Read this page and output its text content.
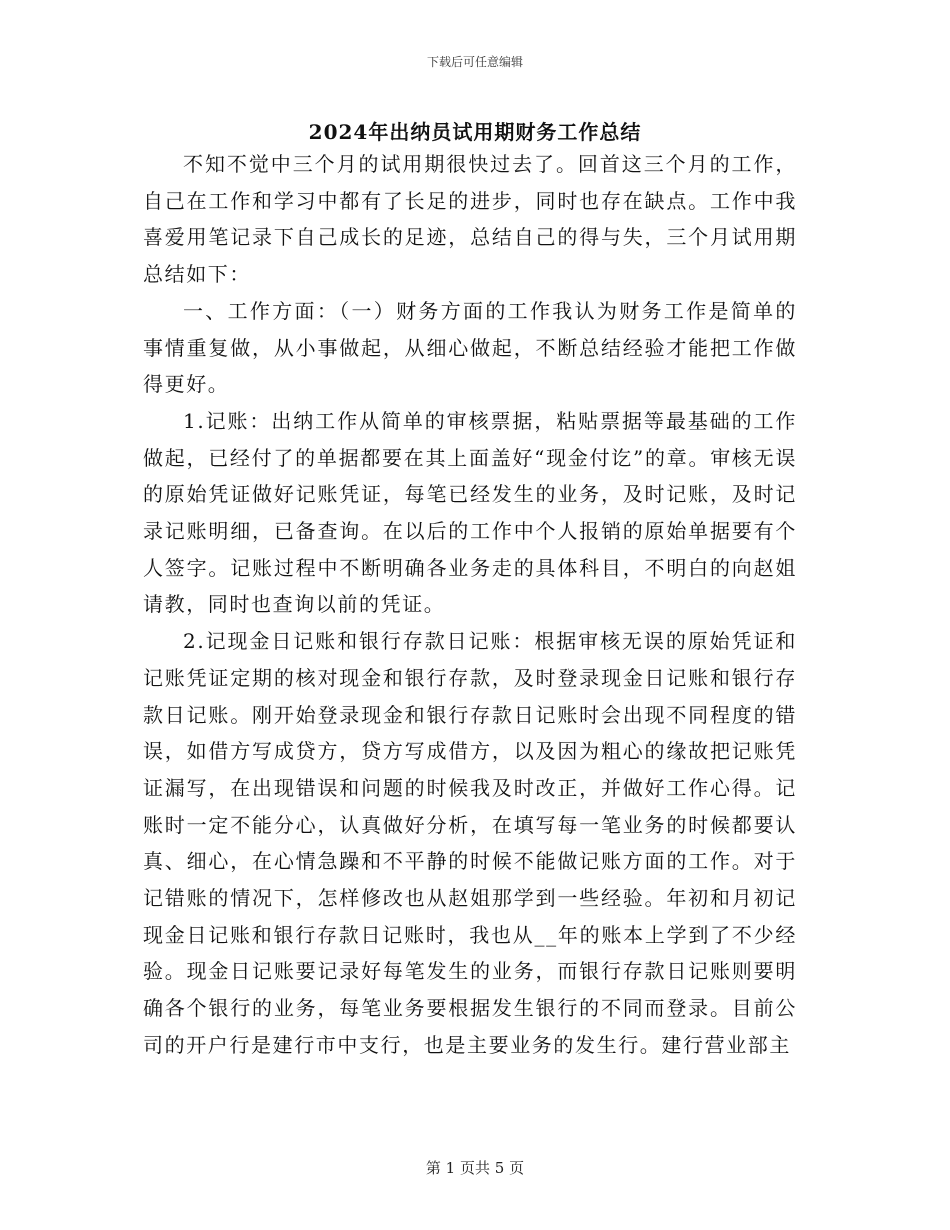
下载后可任意编辑
2024年出纳员试用期财务工作总结

不知不觉中三个月的试用期很快过去了。回首这三个月的工作，自己在工作和学习中都有了长足的进步，同时也存在缺点。工作中我喜爱用笔记录下自己成长的足迹，总结自己的得与失，三个月试用期总结如下：

一、工作方面：（一）财务方面的工作我认为财务工作是简单的事情重复做，从小事做起，从细心做起，不断总结经验才能把工作做得更好。

1.记账：出纳工作从简单的审核票据，粘贴票据等最基础的工作做起，已经付了的单据都要在其上面盖好“现金付讫”的章。审核无误的原始凭证做好记账凭证，每笔已经发生的业务，及时记账，及时记录记账明细，已备查询。在以后的工作中个人报销的原始单据要有个人签字。记账过程中不断明确各业务走的具体科目，不明白的向赵姐请教，同时也查询以前的凭证。

2.记现金日记账和银行存款日记账：根据审核无误的原始凭证和记账凭证定期的核对现金和银行存款，及时登录现金日记账和银行存款日记账。刚开始登录现金和银行存款日记账时会出现不同程度的错误，如借方写成贷方，贷方写成借方，以及因为粗心的缘故把记账凭证漏写，在出现错误和问题的时候我及时改正，并做好工作心得。记账时一定不能分心，认真做好分析，在填写每一笔业务的时候都要认真、细心，在心情急躁和不平静的时候不能做记账方面的工作。对于记错账的情况下，怎样修改也从赵姐那学到一些经验。年初和月初记现金日记账和银行存款日记账时，我也从__年的账本上学到了不少经验。现金日记账要记录好每笔发生的业务，而银行存款日记账则要明确各个银行的业务，每笔业务要根据发生银行的不同而登录。目前公司的开户行是建行市中支行，也是主要业务的发生行。建行营业部主

第 1 页共 5 页
